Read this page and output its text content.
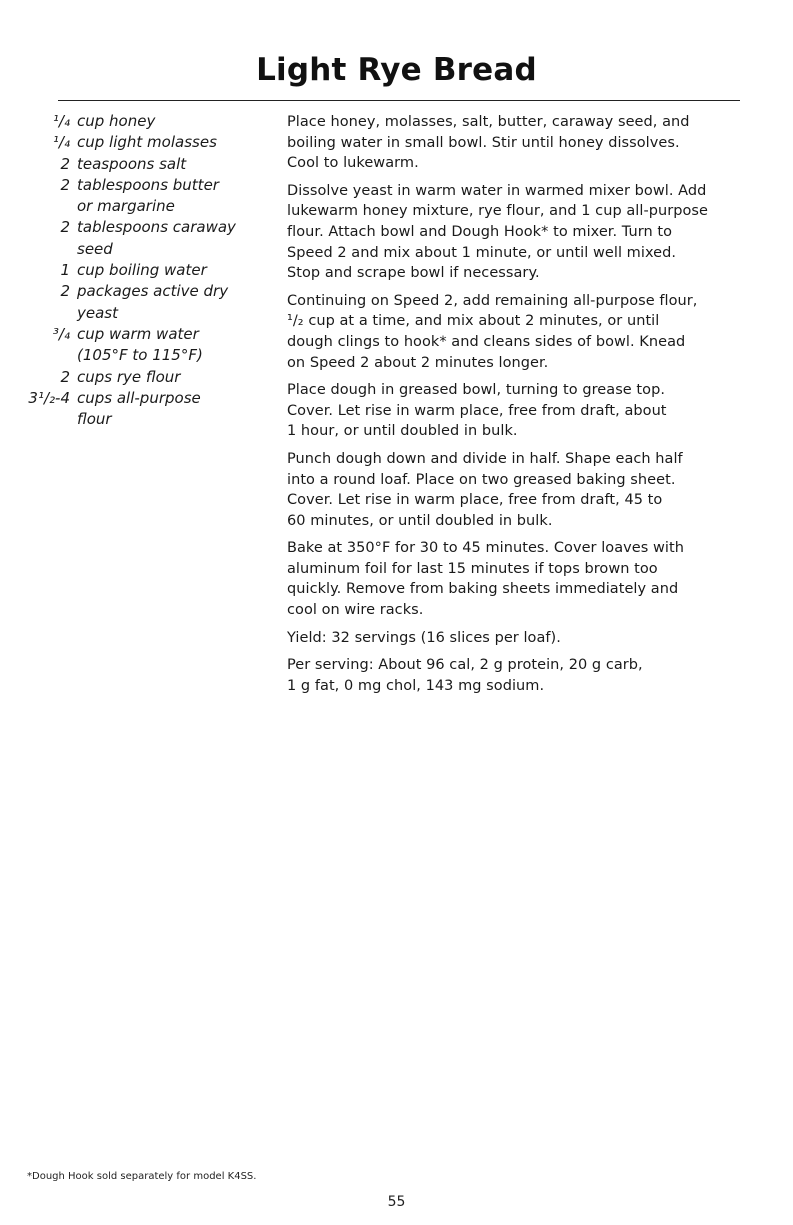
Light Rye Bread
¹/₄ cup honey
¹/₄ cup light molasses
2 teaspoons salt
2 tablespoons butter
or margarine
2 tablespoons caraway
seed
1 cup boiling water
2 packages active dry
yeast
³/₄ cup warm water
(105°F to 115°F)
2 cups rye flour
3¹/₂-4 cups all-purpose
flour

Place honey, molasses, salt, butter, caraway seed, and
boiling water in small bowl. Stir until honey dissolves.
Cool to lukewarm.

Dissolve yeast in warm water in warmed mixer bowl. Add
lukewarm honey mixture, rye flour, and 1 cup all-purpose
flour. Attach bowl and Dough Hook* to mixer. Turn to
Speed 2 and mix about 1 minute, or until well mixed.
Stop and scrape bowl if necessary.

Continuing on Speed 2, add remaining all-purpose flour,
¹/₂ cup at a time, and mix about 2 minutes, or until
dough clings to hook* and cleans sides of bowl. Knead
on Speed 2 about 2 minutes longer.

Place dough in greased bowl, turning to grease top.
Cover. Let rise in warm place, free from draft, about
1 hour, or until doubled in bulk.

Punch dough down and divide in half. Shape each half
into a round loaf. Place on two greased baking sheet.
Cover. Let rise in warm place, free from draft, 45 to
60 minutes, or until doubled in bulk.

Bake at 350°F for 30 to 45 minutes. Cover loaves with
aluminum foil for last 15 minutes if tops brown too
quickly. Remove from baking sheets immediately and
cool on wire racks.

Yield: 32 servings (16 slices per loaf).

Per serving: About 96 cal, 2 g protein, 20 g carb,
1 g fat, 0 mg chol, 143 mg sodium.

*Dough Hook sold separately for model K4SS.
55
